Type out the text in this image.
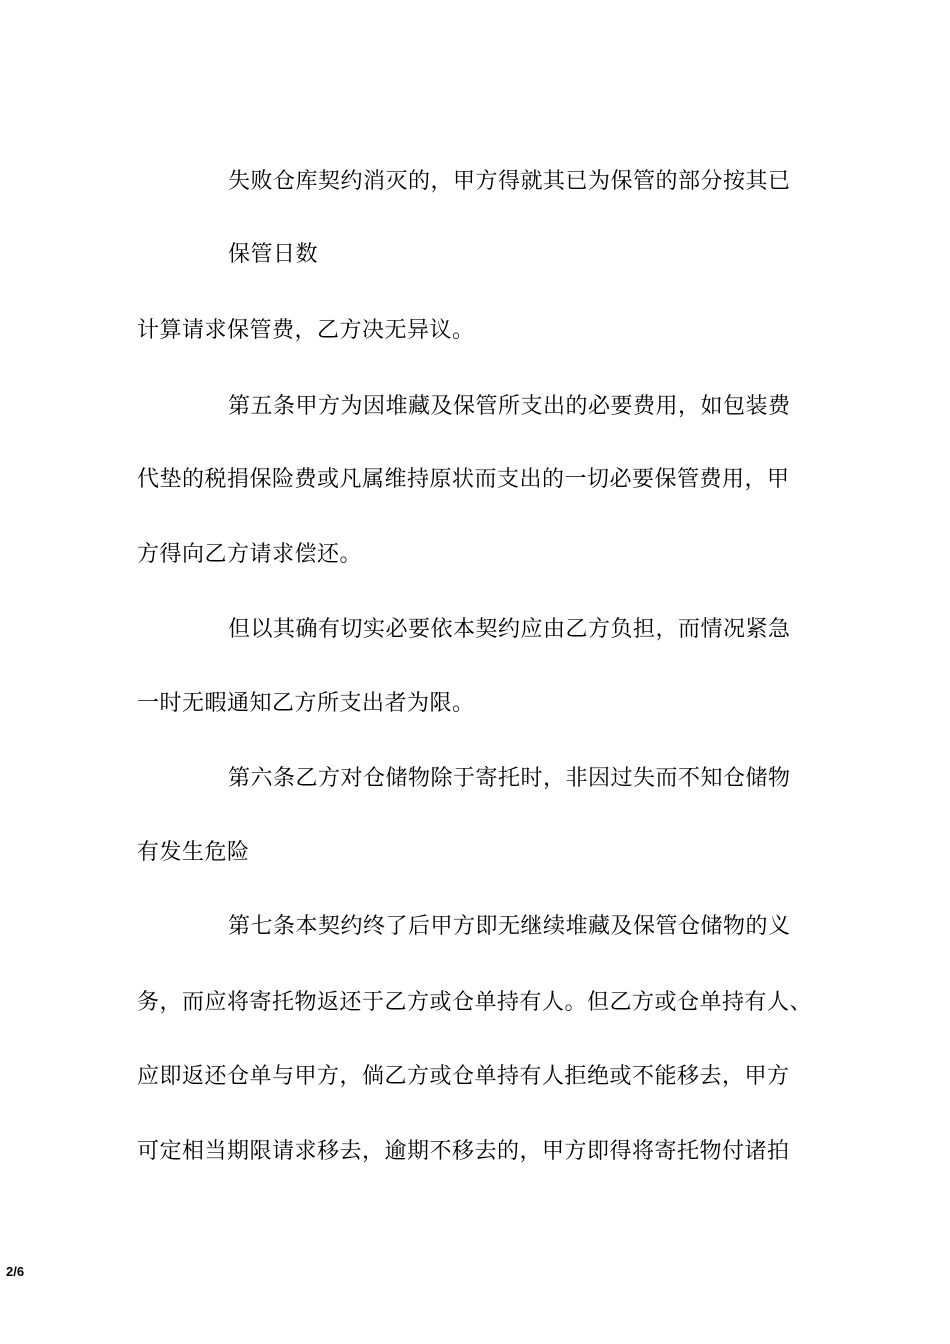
失败仓库契约消灭的，甲方得就其已为保管的部分按其已
保管日数
计算请求保管费，乙方决无异议。
第五条甲方为因堆藏及保管所支出的必要费用，如包装费
代垫的税捐保险费或凡属维持原状而支出的一切必要保管费用，甲
方得向乙方请求偿还。
但以其确有切实必要依本契约应由乙方负担，而情况紧急
一时无暇通知乙方所支出者为限。
第六条乙方对仓储物除于寄托时，非因过失而不知仓储物
有发生危险
第七条本契约终了后甲方即无继续堆藏及保管仓储物的义
务，而应将寄托物返还于乙方或仓单持有人。但乙方或仓单持有人、
应即返还仓单与甲方，倘乙方或仓单持有人拒绝或不能移去，甲方
可定相当期限请求移去，逾期不移去的，甲方即得将寄托物付诸拍
2/6
